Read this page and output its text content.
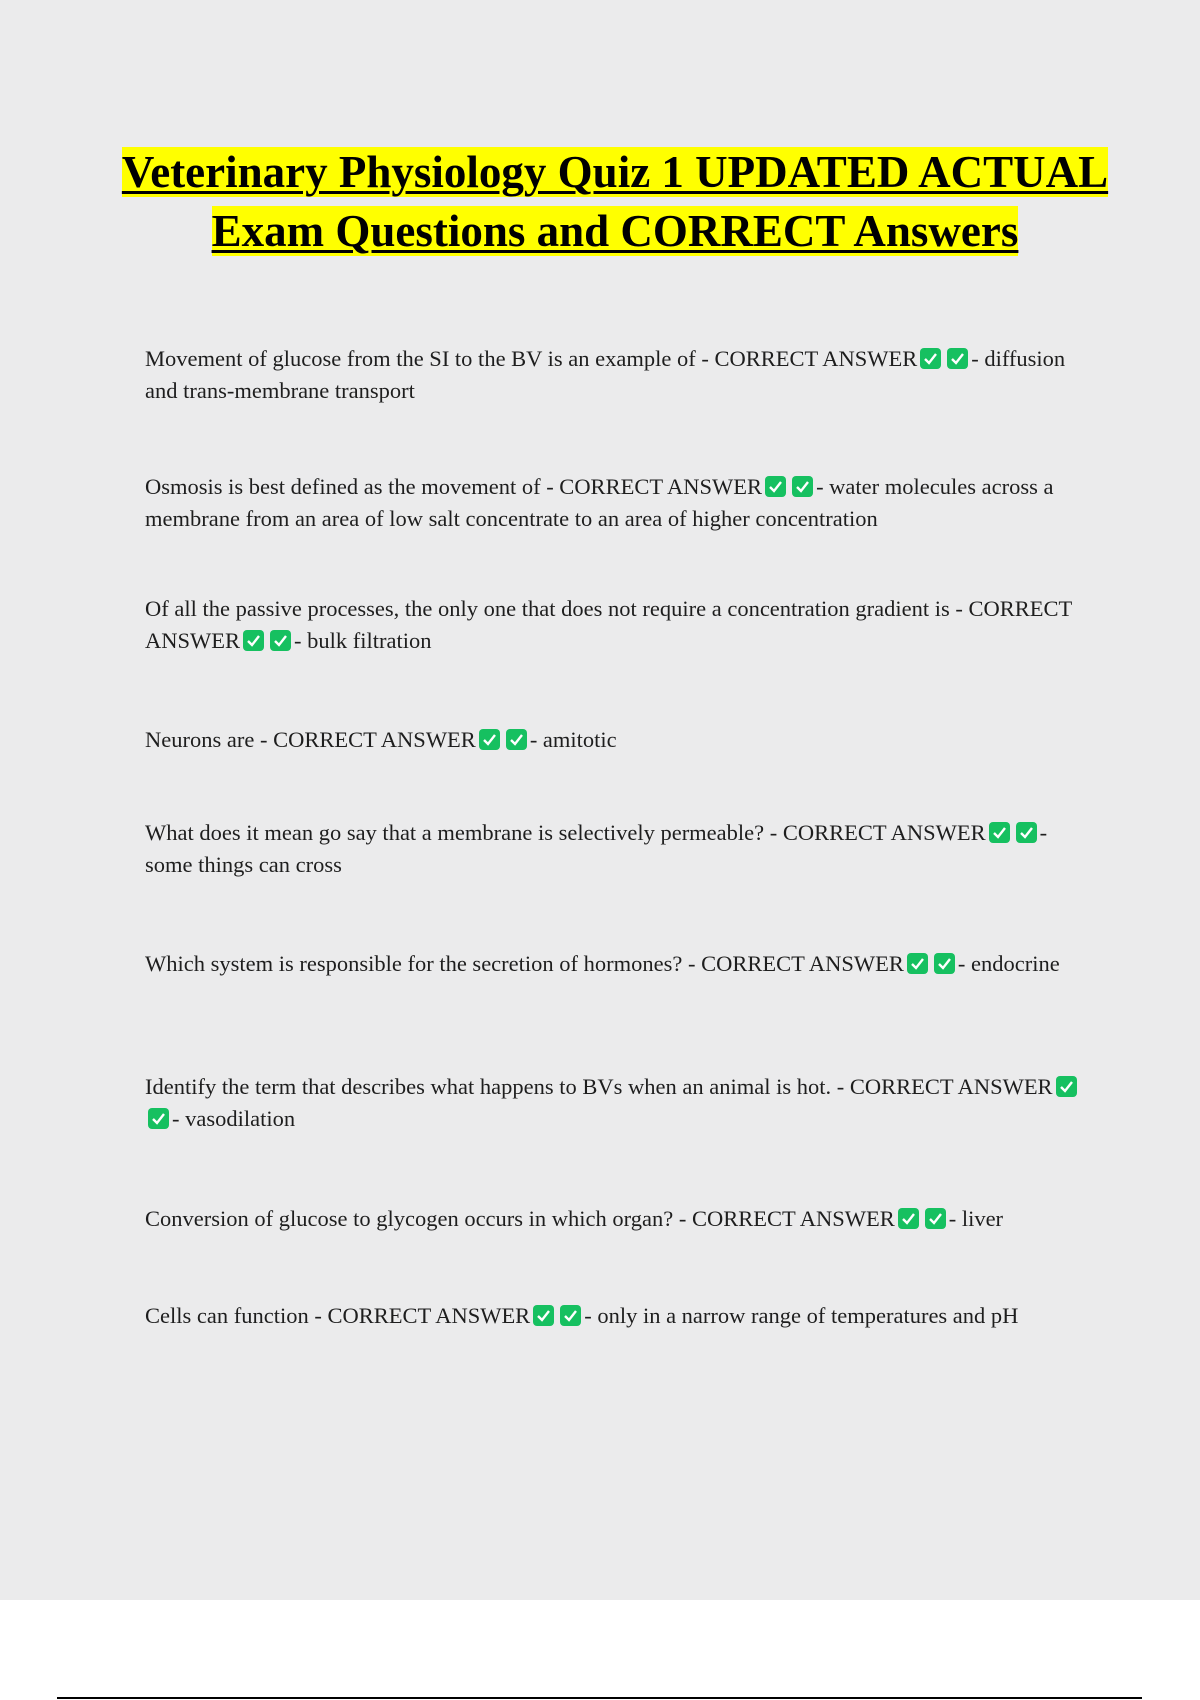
Veterinary Physiology Quiz 1 UPDATED ACTUAL Exam Questions and CORRECT Answers
Movement of glucose from the SI to the BV is an example of - CORRECT ANSWER - diffusion and trans-membrane transport
Osmosis is best defined as the movement of - CORRECT ANSWER - water molecules across a membrane from an area of low salt concentrate to an area of higher concentration
Of all the passive processes, the only one that does not require a concentration gradient is - CORRECT ANSWER - bulk filtration
Neurons are - CORRECT ANSWER - amitotic
What does it mean go say that a membrane is selectively permeable? - CORRECT ANSWER - some things can cross
Which system is responsible for the secretion of hormones? - CORRECT ANSWER - endocrine
Identify the term that describes what happens to BVs when an animal is hot. - CORRECT ANSWER
- vasodilation
Conversion of glucose to glycogen occurs in which organ? - CORRECT ANSWER - liver
Cells can function - CORRECT ANSWER - only in a narrow range of temperatures and pH
